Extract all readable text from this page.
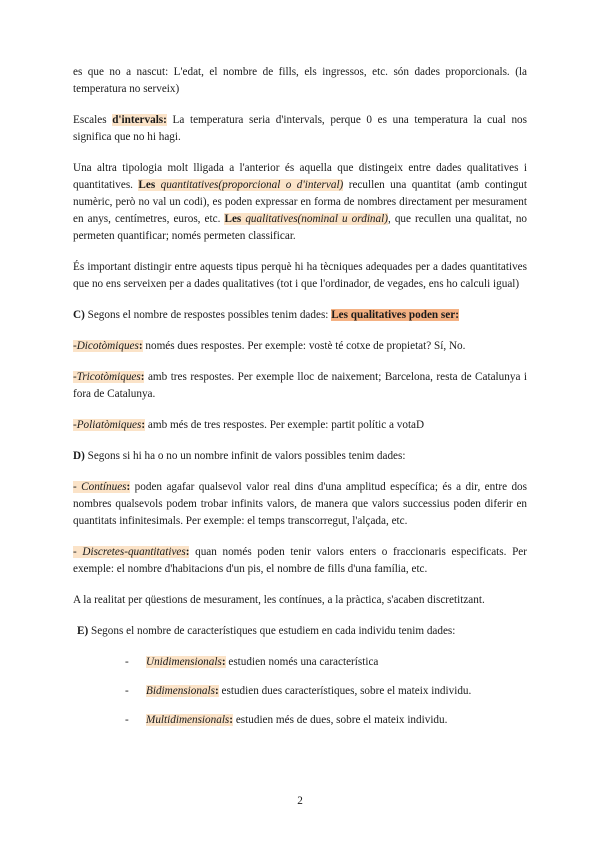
es que no a nascut: L'edat, el nombre de fills, els ingressos, etc. són dades proporcionals. (la temperatura no serveix)

Escales d'intervals: La temperatura seria d'intervals, perque 0 es una temperatura la cual nos significa que no hi hagi.

Una altra tipologia molt lligada a l'anterior és aquella que distingeix entre dades qualitatives i quantitatives. Les quantitatives(proporcional o d'interval) recullen una quantitat (amb contingut numèric, però no val un codi), es poden expressar en forma de nombres directament per mesurament en anys, centímetres, euros, etc. Les qualitatives(nominal u ordinal), que recullen una qualitat, no permeten quantificar; només permeten classificar.

És important distingir entre aquests tipus perquè hi ha tècniques adequades per a dades quantitatives que no ens serveixen per a dades qualitatives (tot i que l'ordinador, de vegades, ens ho calculi igual)

C) Segons el nombre de respostes possibles tenim dades: Les qualitatives poden ser:

-Dicotòmiques: només dues respostes. Per exemple: vostè té cotxe de propietat? Sí, No.

-Tricotòmiques: amb tres respostes. Per exemple lloc de naixement; Barcelona, resta de Catalunya i fora de Catalunya.

-Poliatòmiques: amb més de tres respostes. Per exemple: partit polític a votaD

D) Segons si hi ha o no un nombre infinit de valors possibles tenim dades:

- Contínues: poden agafar qualsevol valor real dins d'una amplitud específica; és a dir, entre dos nombres qualsevols podem trobar infinits valors, de manera que valors successius poden diferir en quantitats infinitesimals. Per exemple: el temps transcorregut, l'alçada, etc.

- Discretes-quantitatives: quan només poden tenir valors enters o fraccionaris especificats. Per exemple: el nombre d'habitacions d'un pis, el nombre de fills d'una família, etc.

A la realitat per qüestions de mesurament, les contínues, a la pràctica, s'acaben discretitzant.

E) Segons el nombre de característiques que estudiem en cada individu tenim dades:

- Unidimensionals: estudien només una característica
- Bidimensionals: estudien dues característiques, sobre el mateix individu.
- Multidimensionals: estudien més de dues, sobre el mateix individu.
2
